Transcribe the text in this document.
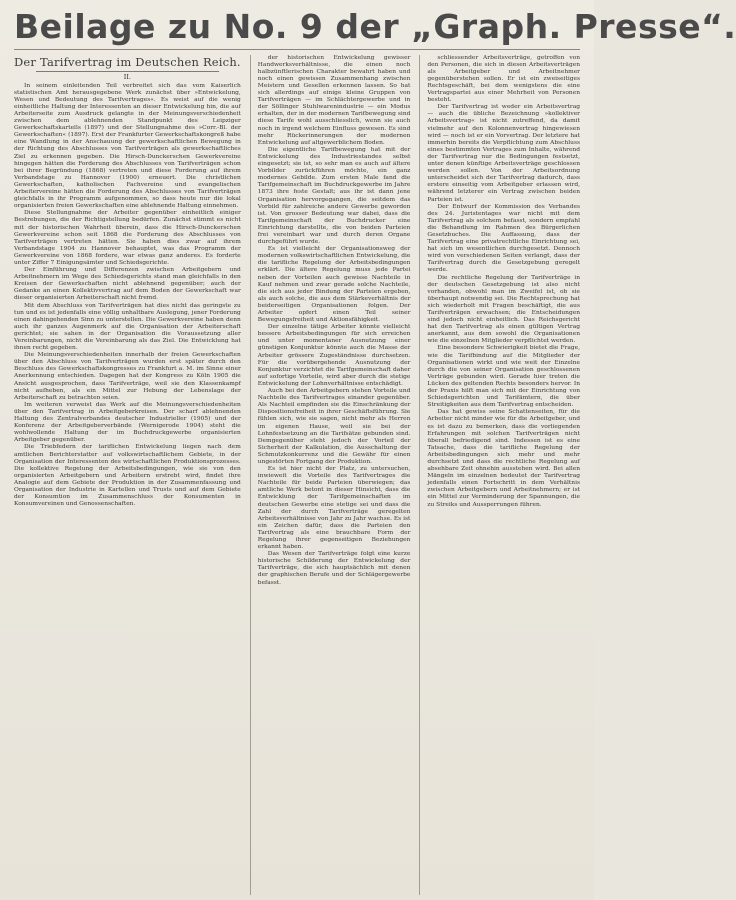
Beilage zu No. 9 der „Graph. Presse“.
Der Tarifvertrag im Deutschen Reich.
II.

In seinem einleitenden Teil verbreitet sich das vom Kaiserlich statistischen Amt herausgegebene Werk zunächst über »Entwickelung, Wesen und Bedeutung des Tarifvertrages«. Es weist auf die wenig einheitliche Haltung der Interessenten an dieser Entwickelung hin, die auf Arbeiterseite zum Ausdruck gelangte in der Meinungsverschiedenheit zwischen dem ablehnenden Standpunkt des Leipziger Gewerkschaftskartells (1897) und der Stellungnahme des »Corr.-Bl. der Gewerkschaften« (1897). Erst der Frankfurter Gewerkschaftskongreß habe eine Wandlung in der Anschauung der gewerkschaftlichen Bewegung in der Richtung des Abschlusses von Tarifverträgen als gewerkschaftliches Ziel zu erkennen gegeben. Die Hirsch-Dunckerschen Gewerkvereine hingegen hätten die Forderung des Abschlusses von Tarifverträgen schon bei ihrer Begründung (1868) vertreten und diese Forderung auf ihrem Verbandstage zu Hannover (1900) erneuert. Die christlichen Gewerkschaften, katholischen Fachvereine und evangelischen Arbeitervereine hätten die Forderung des Abschlusses von Tarifverträgen gleichfalls in ihr Programm aufgenommen, so dass heute nur die lokal organisierten freien Gewerkschaften eine ablehnende Haltung einnehmen.

Diese Stellungnahme der Arbeiter gegenüber einheitlich einiger Bestrebungen, die der Richtigstellung bedürfen. Zunächst stimmt es nicht mit der historischen Wahrheit überein, dass die Hirsch-Dunckerschen Gewerkvereine schon seit 1868 die Forderung des Abschlusses von Tarifverträgen vertreten hätten. Sie haben dies zwar auf ihrem Verbandstage 1904 zu Hannover behauptet, was das Programm der Gewerkvereine von 1868 fordere, war etwas ganz anderes. Es forderte unter Ziffer 7 Einigungsämter und Schiedsgerichte.

Der Einführung und Differenzen zwischen Arbeitgebern und Arbeitnehmern im Wege des Schiedsgerichts stand man gleichfalls in den Kreisen der Gewerkschaften nicht ablehnend gegenüber; auch der Gedanke an einen Kollektivvertrag auf dem Boden der Gewerkschaft war dieser organisierten Arbeiterschaft nicht fremd.

Mit dem Abschluss von Tarifverträgen hat dies nicht das geringste zu tun und es ist jedenfalls eine völlig unhaltbare Auslegung, jener Forderung einen dahingehenden Sinn zu unterstellen. Die Gewerkvereine haben denn auch ihr ganzes Augenmerk auf die Organisation der Arbeiterschaft gerichtet; sie sahen in der Organisation die Voraussetzung aller Vereinbarungen, nicht die Vereinbarung als das Ziel. Die Entwicklung hat ihnen recht gegeben.

Die Meinungsverschiedenheiten innerhalb der freien Gewerkschaften über den Abschluss von Tarifverträgen wurden erst später durch den Beschluss des Gewerkschaftskongresses zu Frankfurt a. M. im Sinne einer Anerkennung entschieden. Dagegen hat der Kongress zu Köln 1905 die Ansicht ausgesprochen, dass Tarifverträge, weil sie den Klassenkampf nicht aufheben, als ein Mittel zur Hebung der Lebenslage der Arbeiterschaft zu betrachten seien.

Im weiteren verweist das Werk auf die Meinungsverschiedenheiten über den Tarifvertrag in Arbeitgeberkreisen. Der scharf ablehnenden Haltung des Zentralverbandes deutscher Industrieller (1905) und der Konferenz der Arbeitgeberverbände (Wernigerode 1904) steht die wohlwollende Haltung der im Buchdruckgewerbe organisierten Arbeitgeber gegenüber.

Die Triebfedern der tariflichen Entwickelung liegen nach dem amtlichen Berichterstatter auf volkswirtschaftlichem Gebiete, in der Organisation der Interessenten des wirtschaftlichen Produktionsprozesses. Die kollektive Regelung der Arbeitsbedingungen, wie sie von den organisierten Arbeitgebern und Arbeitern erstrebt wird, findet ihre Analogie auf dem Gebiete der Produktion in der Zusammenfassung und Organisation der Industrie in Kartellen und Trusts und auf dem Gebiete der Konsumtion im Zusammenschluss der Konsumenten in Konsumvereinen und Genossenschaften.

der historischen Entwickelung gewisser Handwerksverhältnisse, die einen noch halbzünftlerischen Charakter bewahrt haben und noch einen gewissen Zusammenhang zwischen Meistern und Gesellen erkennen lassen. So hat sich allerdings auf einige kleine Gruppen von Tarifverträgen — im Schlächtergewerbe und in der Söllinger Stuhlwarenindustrie — ein Modus erhalten, der in der modernen Tarifbewegung sind diese Tarife wohl ausschliesslich, wenn sie auch noch in irgend welchem Einfluss gewesen. Es sind mehr Rückerinnerungen der modernen Entwickelung auf altgewerblichem Boden.

Die eigentliche Tarifbewegung hat mit der Entwickelung des Industriestandes selbst eingesetzt; sie ist, so sehr man es auch auf ältere Vorbilder zurückführen möchte, ein ganz modernes Gebilde. Zum ersten Male fand die Tarifgemeinschaft im Buchdruckgewerbe im Jahre 1873 ihre feste Gestalt; aus ihr ist dann jene Organisation hervorgegangen, die seitdem das Vorbild für zahlreiche andere Gewerbe geworden ist. Von grosser Bedeutung war dabei, dass die Tarifgemeinschaft der Buchdrucker eine Einrichtung darstellte, die von beiden Parteien frei vereinbart war und durch deren Organe durchgeführt wurde.

Es ist vielleicht der Organisationsweg der modernen volkswirtschaftlichen Entwickelung, die die tarifliche Regelung der Arbeitsbedingungen erklärt. Die ältere Regelung muss jede Partei neben der Vorteilen auch gewisse Nachteile in Kauf nehmen und zwar gerade solche Nachteile, die sich aus jeder Bindung der Parteien ergeben, als auch solche, die aus dem Stärkeverhältnis der beiderseitigen Organisationen folgen. Der Arbeiter opfert einen Teil seiner Bewegungsfreiheit und Aktionsfähigkeit.

Der einzelne tätige Arbeiter könnte vielleicht bessere Arbeitsbedingungen für sich erreichen und unter momentaner Ausnutzung einer günstigen Konjunktur könnte auch die Masse der Arbeiter grössere Zugeständnisse durchsetzen. Für die vorübergehende Ausnutzung der Konjunktur verzichtet die Tarifgemeinschaft daher auf sofortige Vorteile, wird aber durch die stetige Entwickelung der Lohnverhältnisse entschädigt.

Auch bei den Arbeitgebern stehen Vorteile und Nachteile des Tarifvertrages einander gegenüber. Als Nachteil empfinden sie die Einschränkung der Dispositionsfreiheit in ihrer Geschäftsführung. Sie fühlen sich, wie sie sagen, nicht mehr als Herren im eigenen Hause, weil sie bei der Lohnfestsetzung an die Tarifsätze gebunden sind. Demgegenüber steht jedoch der Vorteil der Sicherheit der Kalkulation, die Ausschaltung der Schmutzkonkurrenz und die Gewähr für einen ungestörten Fortgang der Produktion.

Es ist hier nicht der Platz, zu untersuchen, inwieweit die Vorteile des Tarifvertrages die Nachteile für beide Parteien überwiegen; das amtliche Werk betont in dieser Hinsicht, dass die Entwicklung der Tarifgemeinschaften im deutschen Gewerbe eine stetige sei und dass die Zahl der durch Tarifverträge geregelten Arbeitsverhältnisse von Jahr zu Jahr wachse. Es ist ein Zeichen dafür, dass die Parteien den Tarifvertrag als eine brauchbare Form der Regelung ihrer gegenseitigen Beziehungen erkannt haben.

Das Wesen der Tarifverträge folgt eine kurze historische Schilderung der Entwickelung der Tarifverträge, die sich hauptsächlich mit denen der graphischen Berufe und der Schlägergewerbe befasst.

schliessender Arbeitsverträge, getroffen von den Personen, die sich in diesen Arbeitsverträgen als Arbeitgeber und Arbeitnehmer gegenüberstehen sollen. Er ist ein zweiseitiges Rechtsgeschäft, bei dem wenigstens die eine Vertragspartei aus einer Mehrheit von Personen besteht.

Der Tarifvertrag ist weder ein Arbeitsvertrag — auch die übliche Bezeichnung »kollektiver Arbeitsvertrag« ist nicht zutreffend, da damit vielmehr auf den Kolonnenvertrag hingewiesen wird — noch ist er ein Vorvertrag. Der letztere hat immerhin bereits die Verpflichtung zum Abschluss eines bestimmten Vertrages zum Inhalte, während der Tarifvertrag nur die Bedingungen festsetzt, unter denen künftige Arbeitsverträge geschlossen werden sollen. Von der Arbeitsordnung unterscheidet sich der Tarifvertrag dadurch, dass erstere einseitig vom Arbeitgeber erlassen wird, während letzterer ein Vertrag zwischen beiden Parteien ist.

Der Entwurf der Kommission des Verbandes des 24. Juristentages war nicht mit dem Tarifvertrag als solchem befasst, sondern empfahl die Behandlung im Rahmen des Bürgerlichen Gesetzbuches. Die Auffassung, dass der Tarifvertrag eine privatrechtliche Einrichtung sei, hat sich im wesentlichen durchgesetzt. Dennoch wird von verschiedenen Seiten verlangt, dass der Tarifvertrag durch die Gesetzgebung geregelt werde.

Die rechtliche Regelung der Tarifverträge in der deutschen Gesetzgebung ist also nicht vorhanden, obwohl man im Zweifel ist, ob sie überhaupt notwendig sei. Die Rechtsprechung hat sich wiederholt mit Fragen beschäftigt, die aus Tarifverträgen erwachsen; die Entscheidungen sind jedoch nicht einheitlich. Das Reichsgericht hat den Tarifvertrag als einen gültigen Vertrag anerkannt, aus dem sowohl die Organisationen wie die einzelnen Mitglieder verpflichtet werden.

Eine besondere Schwierigkeit bietet die Frage, wie die Tarifbindung auf die Mitglieder der Organisationen wirkt und wie weit der Einzelne durch die von seiner Organisation geschlossenen Verträge gebunden wird. Gerade hier treten die Lücken des geltenden Rechts besonders hervor. In der Praxis hilft man sich mit der Einrichtung von Schiedsgerichten und Tarifämtern, die über Streitigkeiten aus dem Tarifvertrag entscheiden.

Das hat gewiss seine Schattenseiten, für die Arbeiter nicht minder wie für die Arbeitgeber, und es ist dazu zu bemerken, dass die vorliegenden Erfahrungen mit solchen Tarifverträgen nicht überall befriedigend sind. Indessen ist es eine Tatsache, dass die tarifliche Regelung der Arbeitsbedingungen sich mehr und mehr durchsetzt und dass die rechtliche Regelung auf absehbare Zeit ohnehin ausstehen wird. Bei allen Mängeln im einzelnen bedeutet der Tarifvertrag jedenfalls einen Fortschritt in dem Verhältnis zwischen Arbeitgebern und Arbeitnehmern; er ist ein Mittel zur Verminderung der Spannungen, die zu Streiks und Aussperrungen führen.
